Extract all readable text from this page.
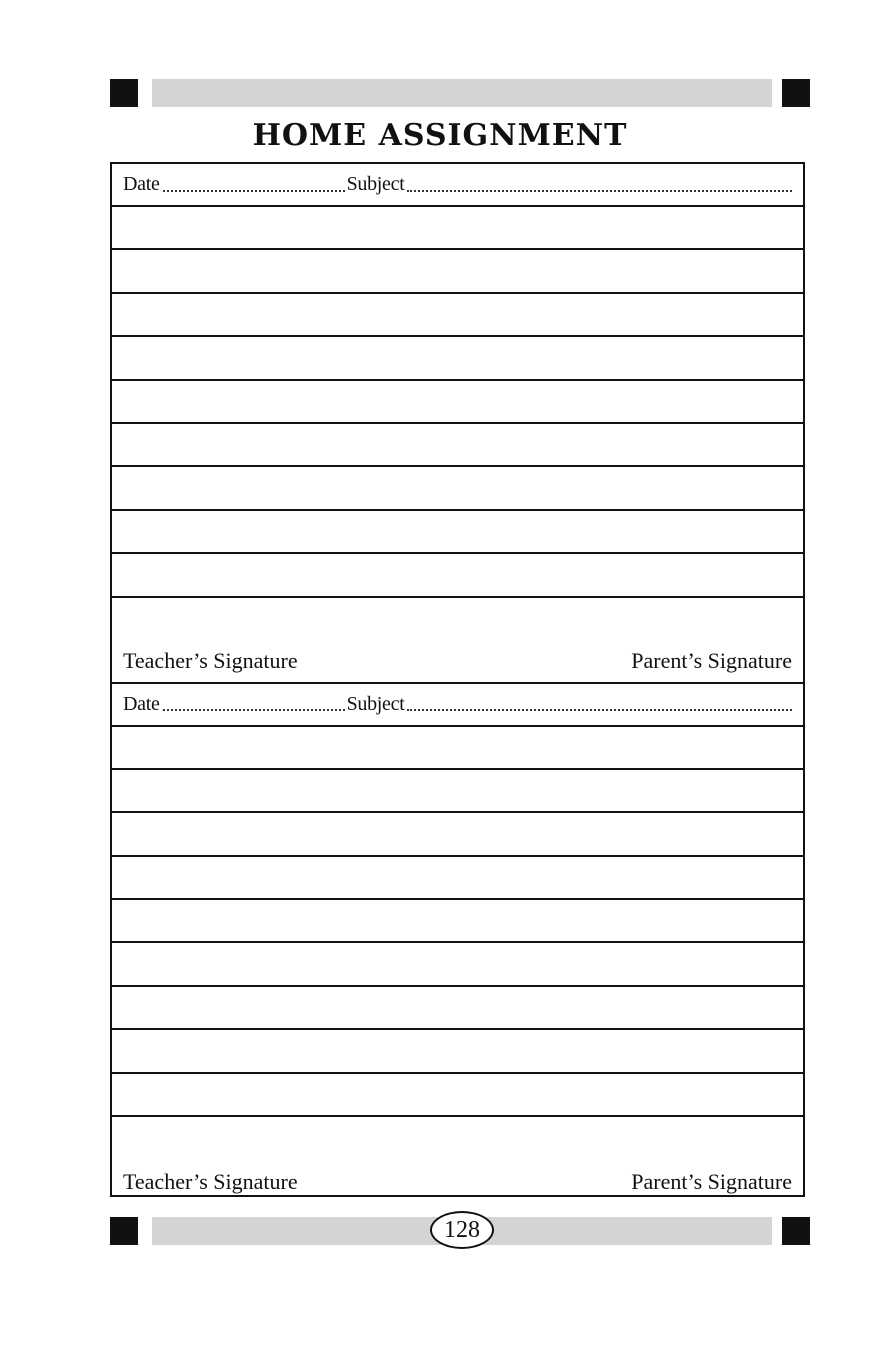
HOME ASSIGNMENT
Date	Subject
Teacher’s Signature	Parent’s Signature
Date	Subject
Teacher’s Signature	Parent’s Signature
128
